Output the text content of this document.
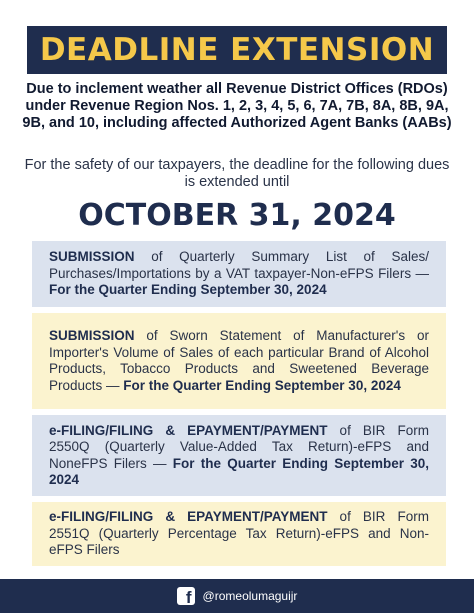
DEADLINE EXTENSION

Due to inclement weather all Revenue District Offices (RDOs) under Revenue Region Nos. 1, 2, 3, 4, 5, 6, 7A, 7B, 8A, 8B, 9A, 9B, and 10, including affected Authorized Agent Banks (AABs)

For the safety of our taxpayers, the deadline for the following dues is extended until

OCTOBER 31, 2024

SUBMISSION of Quarterly Summary List of Sales/ Purchases/Importations by a VAT taxpayer-Non-eFPS Filers — For the Quarter Ending September 30, 2024

SUBMISSION of Sworn Statement of Manufacturer's or Importer's Volume of Sales of each particular Brand of Alcohol Products, Tobacco Products and Sweetened Beverage Products — For the Quarter Ending September 30, 2024

e-FILING/FILING & EPAYMENT/PAYMENT of BIR Form 2550Q (Quarterly Value-Added Tax Return)-eFPS and NoneFPS Filers — For the Quarter Ending September 30, 2024

e-FILING/FILING & EPAYMENT/PAYMENT of BIR Form 2551Q (Quarterly Percentage Tax Return)-eFPS and Non-eFPS Filers

f @romeolumaguijr
